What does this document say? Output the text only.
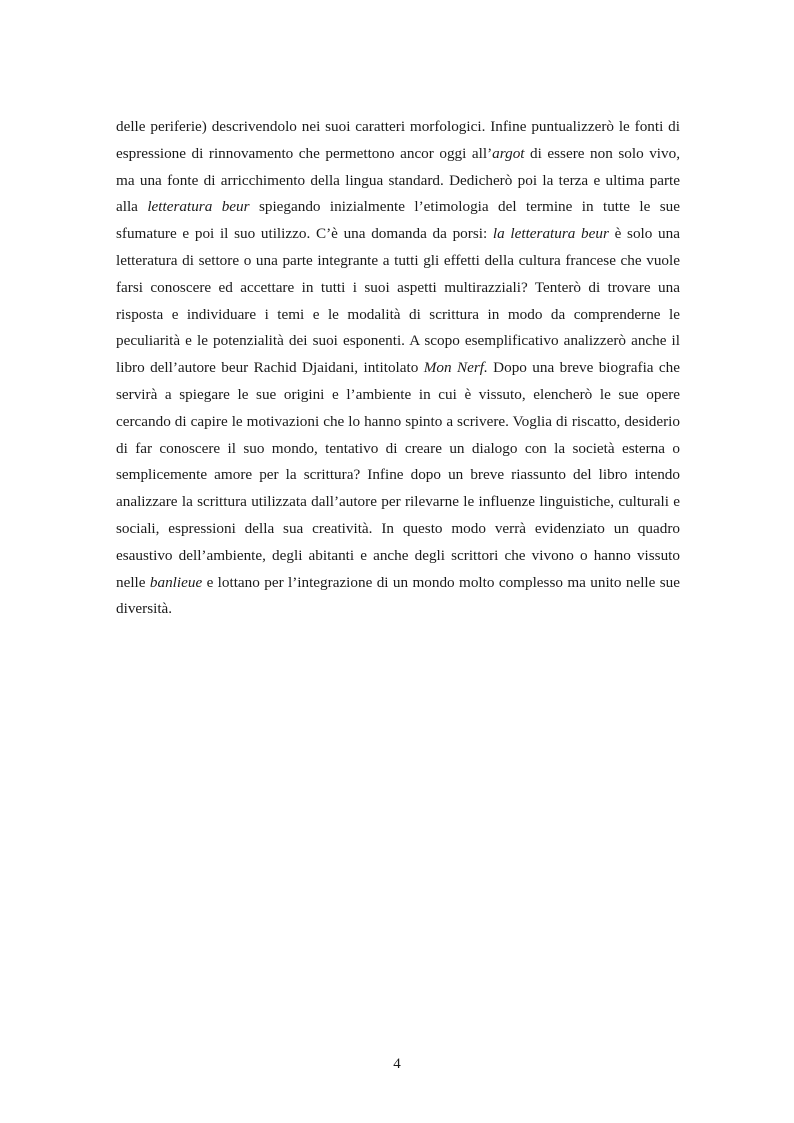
delle periferie) descrivendolo nei suoi caratteri morfologici. Infine puntualizzerò le fonti di espressione di rinnovamento che permettono ancor oggi all’argot di essere non solo vivo, ma una fonte di arricchimento della lingua standard. Dedicherò poi la terza e ultima parte alla letteratura beur spiegando inizialmente l’etimologia del termine in tutte le sue sfumature e poi il suo utilizzo. C’è una domanda da porsi: la letteratura beur è solo una letteratura di settore o una parte integrante a tutti gli effetti della cultura francese che vuole farsi conoscere ed accettare in tutti i suoi aspetti multirazziali? Tenterò di trovare una risposta e individuare i temi e le modalità di scrittura in modo da comprenderne le peculiarità e le potenzialità dei suoi esponenti. A scopo esemplificativo analizzerò anche il libro dell’autore beur Rachid Djaidani, intitolato Mon Nerf. Dopo una breve biografia che servirà a spiegare le sue origini e l’ambiente in cui è vissuto, elencherò le sue opere cercando di capire le motivazioni che lo hanno spinto a scrivere. Voglia di riscatto, desiderio di far conoscere il suo mondo, tentativo di creare un dialogo con la società esterna o semplicemente amore per la scrittura? Infine dopo un breve riassunto del libro intendo analizzare la scrittura utilizzata dall’autore per rilevarne le influenze linguistiche, culturali e sociali, espressioni della sua creatività. In questo modo verrà evidenziato un quadro esaustivo dell’ambiente, degli abitanti e anche degli scrittori che vivono o hanno vissuto nelle banlieue e lottano per l’integrazione di un mondo molto complesso ma unito nelle sue diversità.

4
